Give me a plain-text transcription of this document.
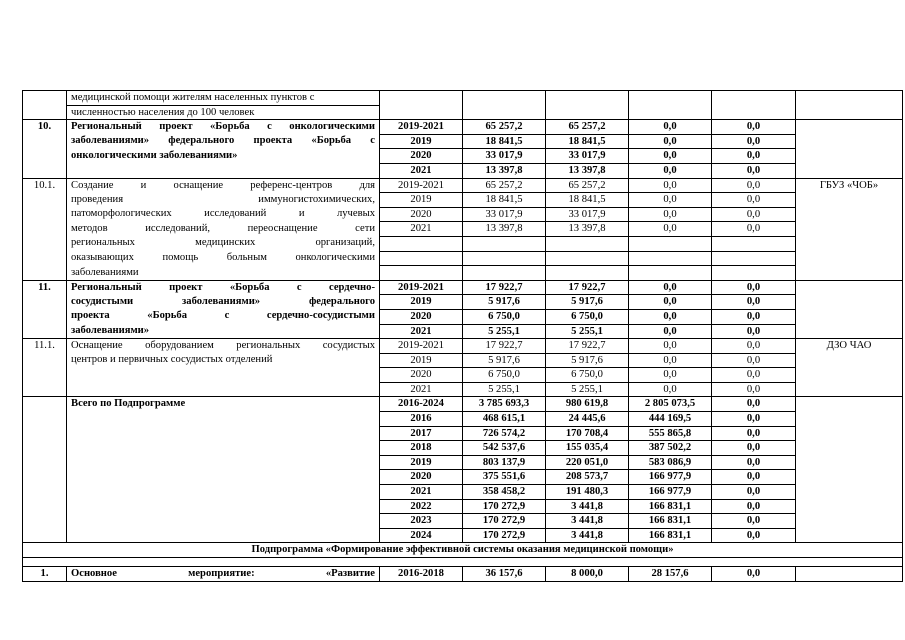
	медицинской помощи жителям населенных пунктов с						
	численностью населения до 100 человек						
10.	Региональный проект «Борьба с онкологическими	2019-2021	65 257,2	65 257,2	0,0	0,0	
	заболеваниями» федерального проекта «Борьба с	2019	18 841,5	18 841,5	0,0	0,0	
	онкологическими заболеваниями»	2020	33 017,9	33 017,9	0,0	0,0	
		2021	13 397,8	13 397,8	0,0	0,0	
10.1.	Создание и оснащение референс-центров для	2019-2021	65 257,2	65 257,2	0,0	0,0	ГБУЗ «ЧОБ»
	проведения иммуногистохимических,	2019	18 841,5	18 841,5	0,0	0,0	
	патоморфологических исследований и лучевых	2020	33 017,9	33 017,9	0,0	0,0	
	методов исследований, переоснащение сети	2021	13 397,8	13 397,8	0,0	0,0	
	региональных медицинских организаций,						
	оказывающих помощь больным онкологическими						
	заболеваниями						
11.	Региональный проект «Борьба с сердечно-	2019-2021	17 922,7	17 922,7	0,0	0,0	
	сосудистыми заболеваниями» федерального	2019	5 917,6	5 917,6	0,0	0,0	
	проекта «Борьба с сердечно-сосудистыми	2020	6 750,0	6 750,0	0,0	0,0	
	заболеваниями»	2021	5 255,1	5 255,1	0,0	0,0	
11.1.	Оснащение оборудованием региональных сосудистых	2019-2021	17 922,7	17 922,7	0,0	0,0	ДЗО ЧАО
	центров и первичных сосудистых отделений	2019	5 917,6	5 917,6	0,0	0,0	
		2020	6 750,0	6 750,0	0,0	0,0	
		2021	5 255,1	5 255,1	0,0	0,0	
	Всего по Подпрограмме	2016-2024	3 785 693,3	980 619,8	2 805 073,5	0,0	
		2016	468 615,1	24 445,6	444 169,5	0,0	
		2017	726 574,2	170 708,4	555 865,8	0,0	
		2018	542 537,6	155 035,4	387 502,2	0,0	
		2019	803 137,9	220 051,0	583 086,9	0,0	
		2020	375 551,6	208 573,7	166 977,9	0,0	
		2021	358 458,2	191 480,3	166 977,9	0,0	
		2022	170 272,9	3 441,8	166 831,1	0,0	
		2023	170 272,9	3 441,8	166 831,1	0,0	
		2024	170 272,9	3 441,8	166 831,1	0,0	
Подпрограмма «Формирование эффективной системы оказания медицинской помощи»							

1.	Основное мероприятие: «Развитие	2016-2018	36 157,6	8 000,0	28 157,6	0,0	
